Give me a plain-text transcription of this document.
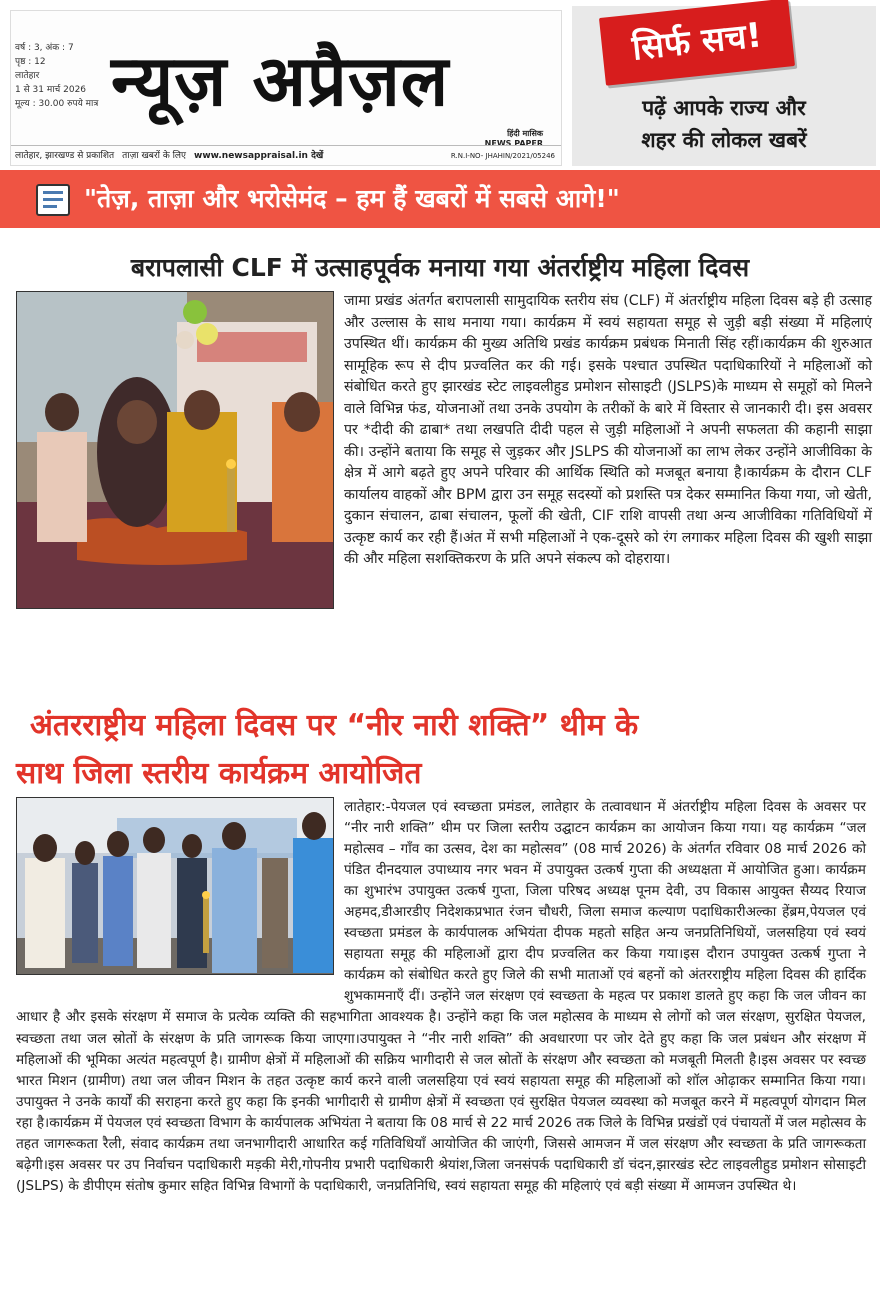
वर्ष : 3, अंक : 7
पृष्ठ : 12
लातेहार
1 से 31 मार्च 2026
मूल्य : 30.00 रुपये मात्र न्यूज़ अप्रैज़ल
हिंदी मासिक
NEWS PAPER
लातेहार, झारखण्ड से प्रकाशित ताज़ा खबरों के लिए www.newsappraisal.in देखें	R.N.I-NO- JHAHIN/2021/05246
सिर्फ सच!
पढ़ें आपके राज्य और
शहर की लोकल खबरें
"तेज़, ताज़ा और भरोसेमंद – हम हैं खबरों में सबसे आगे!"
बरापलासी CLF में उत्साहपूर्वक मनाया गया अंतर्राष्ट्रीय महिला दिवस
जामा प्रखंड अंतर्गत बरापलासी सामुदायिक स्तरीय संघ (CLF) में अंतर्राष्ट्रीय महिला दिवस बड़े ही उत्साह और उल्लास के साथ मनाया गया। कार्यक्रम में स्वयं सहायता समूह से जुड़ी बड़ी संख्या में महिलाएं उपस्थित थीं। कार्यक्रम की मुख्य अतिथि प्रखंड कार्यक्रम प्रबंधक मिनाती सिंह रहीं।कार्यक्रम की शुरुआत सामूहिक रूप से दीप प्रज्वलित कर की गई। इसके पश्चात उपस्थित पदाधिकारियों ने महिलाओं को संबोधित करते हुए झारखंड स्टेट लाइवलीहुड प्रमोशन सोसाइटी (JSLPS)के माध्यम से समूहों को मिलने वाले विभिन्न फंड, योजनाओं तथा उनके उपयोग के तरीकों के बारे में विस्तार से जानकारी दी। इस अवसर पर *दीदी की ढाबा* तथा लखपति दीदी पहल से जुड़ी महिलाओं ने अपनी सफलता की कहानी साझा की। उन्होंने बताया कि समूह से जुड़कर और JSLPS की योजनाओं का लाभ लेकर उन्होंने आजीविका के क्षेत्र में आगे बढ़ते हुए अपने परिवार की आर्थिक स्थिति को मजबूत बनाया है।कार्यक्रम के दौरान CLF कार्यालय वाहकों और BPM द्वारा उन समूह सदस्यों को प्रशस्ति पत्र देकर सम्मानित किया गया, जो खेती, दुकान संचालन, ढाबा संचालन, फूलों की खेती, CIF राशि वापसी तथा अन्य आजीविका गतिविधियों में उत्कृष्ट कार्य कर रही हैं।अंत में सभी महिलाओं ने एक-दूसरे को रंग लगाकर महिला दिवस की खुशी साझा की और महिला सशक्तिकरण के प्रति अपने संकल्प को दोहराया।
अंतरराष्ट्रीय महिला दिवस पर “नीर नारी शक्ति” थीम के
साथ जिला स्तरीय कार्यक्रम आयोजित
लातेहार:-पेयजल एवं स्वच्छता प्रमंडल, लातेहार के तत्वावधान में अंतर्राष्ट्रीय महिला दिवस के अवसर पर “नीर नारी शक्ति” थीम पर जिला स्तरीय उद्घाटन कार्यक्रम का आयोजन किया गया। यह कार्यक्रम “जल महोत्सव – गाँव का उत्सव, देश का महोत्सव” (08 मार्च 2026) के अंतर्गत रविवार 08 मार्च 2026 को पंडित दीनदयाल उपाध्याय नगर भवन में उपायुक्त उत्कर्ष गुप्ता की अध्यक्षता में आयोजित हुआ। कार्यक्रम का शुभारंभ उपायुक्त उत्कर्ष गुप्ता, जिला परिषद अध्यक्ष पूनम देवी, उप विकास आयुक्त सैय्यद रियाज अहमद,डीआरडीए निदेशकप्रभात रंजन चौधरी, जिला समाज कल्याण पदाधिकारीअल्का हेंब्रम,पेयजल एवं स्वच्छता प्रमंडल के कार्यपालक अभियंता दीपक महतो सहित अन्य जनप्रतिनिधियों, जलसहिया एवं स्वयं सहायता समूह की महिलाओं द्वारा दीप प्रज्वलित कर किया गया।इस दौरान उपायुक्त उत्कर्ष गुप्ता ने कार्यक्रम को संबोधित करते हुए जिले की सभी माताओं एवं बहनों को अंतरराष्ट्रीय महिला दिवस की हार्दिक शुभकामनाएँ दीं। उन्होंने जल संरक्षण एवं स्वच्छता के महत्व पर प्रकाश डालते हुए कहा कि जल जीवन का आधार है और इसके संरक्षण में समाज के प्रत्येक व्यक्ति की सहभागिता आवश्यक है। उन्होंने कहा कि जल महोत्सव के माध्यम से लोगों को जल संरक्षण, सुरक्षित पेयजल, स्वच्छता तथा जल स्रोतों के संरक्षण के प्रति जागरूक किया जाएगा।उपायुक्त ने “नीर नारी शक्ति” की अवधारणा पर जोर देते हुए कहा कि जल प्रबंधन और संरक्षण में महिलाओं की भूमिका अत्यंत महत्वपूर्ण है। ग्रामीण क्षेत्रों में महिलाओं की सक्रिय भागीदारी से जल स्रोतों के संरक्षण और स्वच्छता को मजबूती मिलती है।इस अवसर पर स्वच्छ भारत मिशन (ग्रामीण) तथा जल जीवन मिशन के तहत उत्कृष्ट कार्य करने वाली जलसहिया एवं स्वयं सहायता समूह की महिलाओं को शॉल ओढ़ाकर सम्मानित किया गया। उपायुक्त ने उनके कार्यों की सराहना करते हुए कहा कि इनकी भागीदारी से ग्रामीण क्षेत्रों में स्वच्छता एवं सुरक्षित पेयजल व्यवस्था को मजबूत करने में महत्वपूर्ण योगदान मिल रहा है।कार्यक्रम में पेयजल एवं स्वच्छता विभाग के कार्यपालक अभियंता ने बताया कि 08 मार्च से 22 मार्च 2026 तक जिले के विभिन्न प्रखंडों एवं पंचायतों में जल महोत्सव के तहत जागरूकता रैली, संवाद कार्यक्रम तथा जनभागीदारी आधारित कई गतिविधियाँ आयोजित की जाएंगी, जिससे आमजन में जल संरक्षण और स्वच्छता के प्रति जागरूकता बढ़ेगी।इस अवसर पर उप निर्वाचन पदाधिकारी मड़की मेरी,गोपनीय प्रभारी पदाधिकारी श्रेयांश,जिला जनसंपर्क पदाधिकारी डॉ चंदन,झारखंड स्टेट लाइवलीहुड प्रमोशन सोसाइटी (JSLPS) के डीपीएम संतोष कुमार सहित विभिन्न विभागों के पदाधिकारी, जनप्रतिनिधि, स्वयं सहायता समूह की महिलाएं एवं बड़ी संख्या में आमजन उपस्थित थे।
